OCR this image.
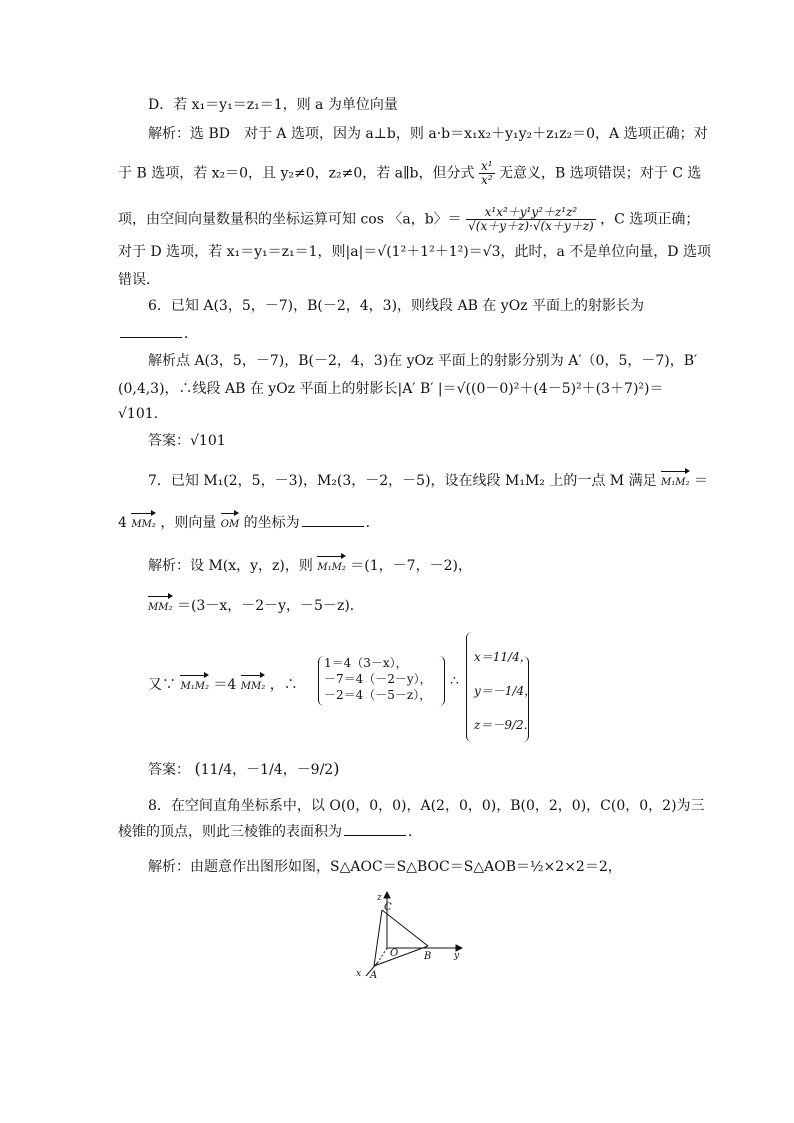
D．若 x₁＝y₁＝z₁＝1，则 a 为单位向量
解析：选 BD　对于 A 选项，因为 a⊥b，则 a·b＝x₁x₂＋y₁y₂＋z₁z₂＝0，A 选项正确；对
于 B 选项，若 x₂＝0，且 y₂≠0，z₂≠0，若 a∥b，但分式 $\frac{\text{x¹}}{\text{x²}}$ 无意义，B 选项错误；对于 C 选
项，由空间向量数量积的坐标运算可知 cos 〈a，b〉＝ $\frac{\text{x¹x²＋y¹y²＋z¹z²}}{√(x+y+z)\cdot√(x+y+z)}$ ，C 选项正确；
对于 D 选项，若 x₁＝y₁＝z₁＝1，则|a|＝√(1²＋1²＋1²)＝√3，此时，a 不是单位向量，D 选项
错误．
6．已知 A(3，5，－7)，B(－2，4，3)，则线段 AB 在 yOz 平面上的射影长为
．
解析点 A(3，5，－7)，B(－2，4，3)在 yOz 平面上的射影分别为 A′（0，5，－7)，B′
(0,4,3)，∴线段 AB 在 yOz 平面上的射影长|A′ B′ |＝√((0－0)²＋(4－5)²＋(3＋7)²)＝
√101.
答案：√101
7．已知 M₁(2，5，－3)，M₂(3，－2，－5)，设在线段 M₁M₂ 上的一点 M 满足 M₁M₂ ＝
4 MM₂ ，则向量 OM 的坐标为	．
解析：设 M(x，y，z)，则 M₁M₂ ＝(1，－7，－2)，
MM₂ ＝(3－x，－2－y，－5－z)．
又∵ M₁M₂ ＝4 MM₂ ，∴
1＝4（3－x），
－7＝4（－2－y），
－2＝4（－5－z），
∴
x＝11/4，
y＝－1/4，
z＝－9/2．
答案： (11/4，－1/4，－9/2)
8．在空间直角坐标系中，以 O(0，0，0)，A(2，0，0)，B(0，2，0)，C(0，0，2)为三
棱锥的顶点，则此三棱锥的表面积为	．
解析：由题意作出图形如图，S△AOC＝S△BOC＝S△AOB＝½×2×2＝2，
z
C
O	B	y
x A
